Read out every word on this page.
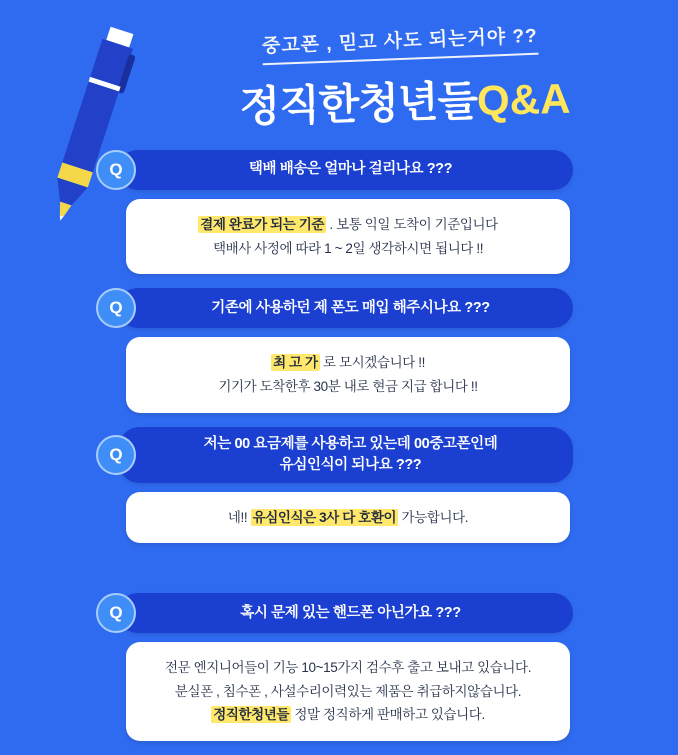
중고폰 , 믿고 사도 되는거야 ??
정직한청년들Q&A
Q	택배 배송은 얼마나 걸리나요 ???
결제 완료가 되는 기준 . 보통 익일 도착이 기준입니다
택배사 사정에 따라 1 ~ 2일 생각하시면 됩니다 !!
Q	기존에 사용하던 제 폰도 매입 해주시나요 ???
최 고 가 로 모시겠습니다 !!
기기가 도착한후 30분 내로 현금 지급 합니다 !!
Q
저는 00 요금제를 사용하고 있는데 00중고폰인데
유심인식이 되나요 ???
네!! 유심인식은 3사 다 호환이 가능합니다.
Q	혹시 문제 있는 핸드폰 아닌가요 ???
전문 엔지니어들이 기능 10~15가지 검수후 출고 보내고 있습니다.
분실폰 , 침수폰 , 사설수리이력있는 제품은 취급하지않습니다.
정직한청년들 정말 정직하게 판매하고 있습니다.
